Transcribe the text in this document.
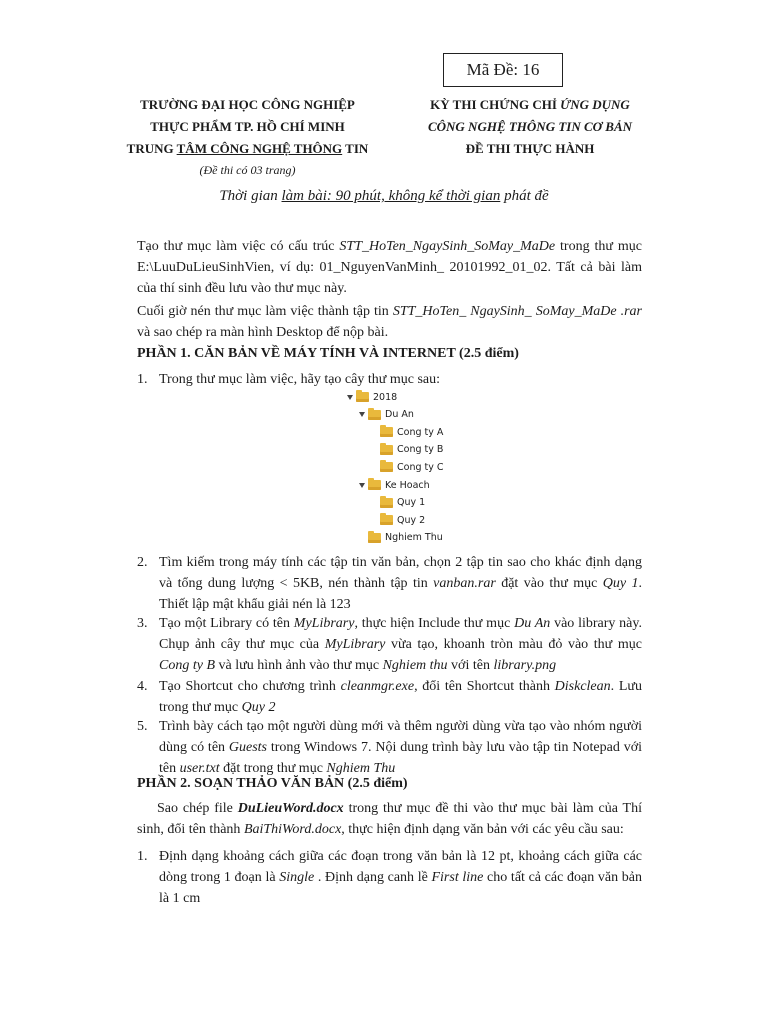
Mã Đề: 16
TRƯỜNG ĐẠI HỌC CÔNG NGHIỆP
THỰC PHẨM TP. HỒ CHÍ MINH
TRUNG TÂM CÔNG NGHỆ THÔNG TIN
(Đề thi có 03 trang)
KỲ THI CHỨNG CHỈ ỨNG DỤNG
CÔNG NGHỆ THÔNG TIN CƠ BẢN
ĐỀ THI THỰC HÀNH
Thời gian làm bài: 90 phút, không kể thời gian phát đề
Tạo thư mục làm việc có cấu trúc STT_HoTen_NgaySinh_SoMay_MaDe trong thư mục E:\LuuDuLieuSinhVien, ví dụ: 01_NguyenVanMinh_ 20101992_01_02. Tất cả bài làm của thí sinh đều lưu vào thư mục này.
Cuối giờ nén thư mục làm việc thành tập tin STT_HoTen_ NgaySinh_ SoMay_MaDe .rar và sao chép ra màn hình Desktop để nộp bài.
PHẦN 1. CĂN BẢN VỀ MÁY TÍNH VÀ INTERNET (2.5 điểm)
1. Trong thư mục làm việc, hãy tạo cây thư mục sau:
2018
Du An
Cong ty A
Cong ty B
Cong ty C
Ke Hoach
Quy 1
Quy 2
Nghiem Thu
2. Tìm kiếm trong máy tính các tập tin văn bản, chọn 2 tập tin sao cho khác định dạng và tổng dung lượng < 5KB, nén thành tập tin vanban.rar đặt vào thư mục Quy 1. Thiết lập mật khẩu giải nén là 123
3. Tạo một Library có tên MyLibrary, thực hiện Include thư mục Du An vào library này. Chụp ảnh cây thư mục của MyLibrary vừa tạo, khoanh tròn màu đỏ vào thư mục Cong ty B và lưu hình ảnh vào thư mục Nghiem thu với tên library.png
4. Tạo Shortcut cho chương trình cleanmgr.exe, đổi tên Shortcut thành Diskclean. Lưu trong thư mục Quy 2
5. Trình bày cách tạo một người dùng mới và thêm người dùng vừa tạo vào nhóm người dùng có tên Guests trong Windows 7. Nội dung trình bày lưu vào tập tin Notepad với tên user.txt đặt trong thư mục Nghiem Thu
PHẦN 2. SOẠN THẢO VĂN BẢN (2.5 điểm)
Sao chép file DuLieuWord.docx trong thư mục đề thi vào thư mục bài làm của Thí sinh, đổi tên thành BaiThiWord.docx, thực hiện định dạng văn bản với các yêu cầu sau:
1. Định dạng khoảng cách giữa các đoạn trong văn bản là 12 pt, khoảng cách giữa các dòng trong 1 đoạn là Single . Định dạng canh lề First line cho tất cả các đoạn văn bản là 1 cm
